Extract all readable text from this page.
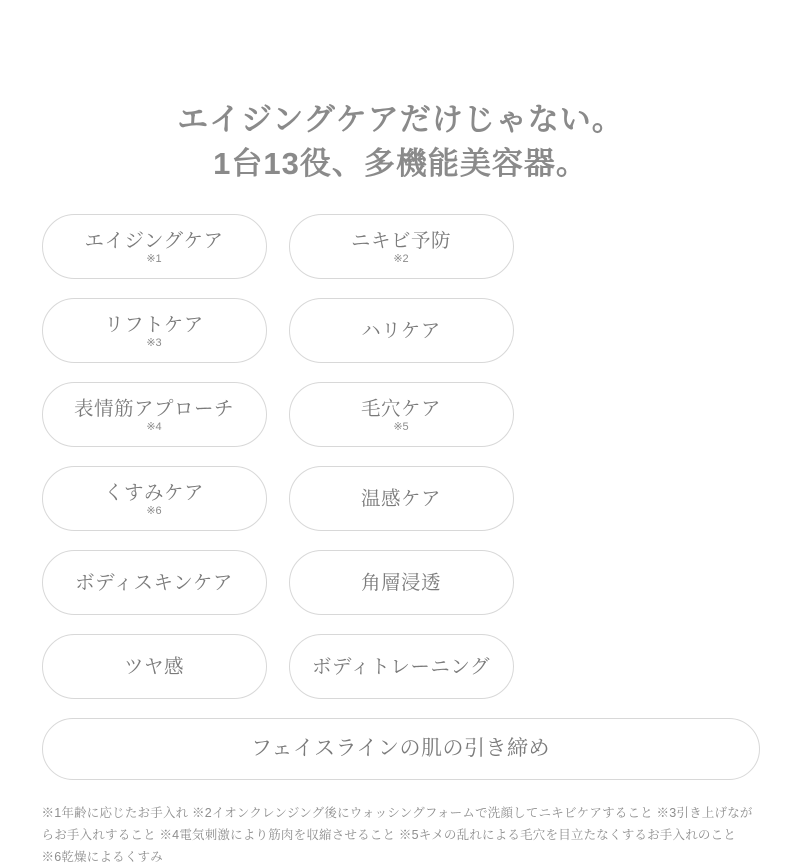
エイジングケアだけじゃない。
1台13役、多機能美容器。
エイジングケア
※1
ニキビ予防
※2
リフトケア
※3
ハリケア
表情筋アプローチ
※4
毛穴ケア
※5
くすみケア
※6
温感ケア
ボディスキンケア	角層浸透
ツヤ感	ボディトレーニング
フェイスラインの肌の引き締め
※1年齢に応じたお手入れ ※2イオンクレンジング後にウォッシングフォームで洗顔してニキビケアすること ※3引き上げながらお手入れすること ※4電気刺激により筋肉を収縮させること ※5キメの乱れによる毛穴を目立たなくするお手入れのこと ※6乾燥によるくすみ
